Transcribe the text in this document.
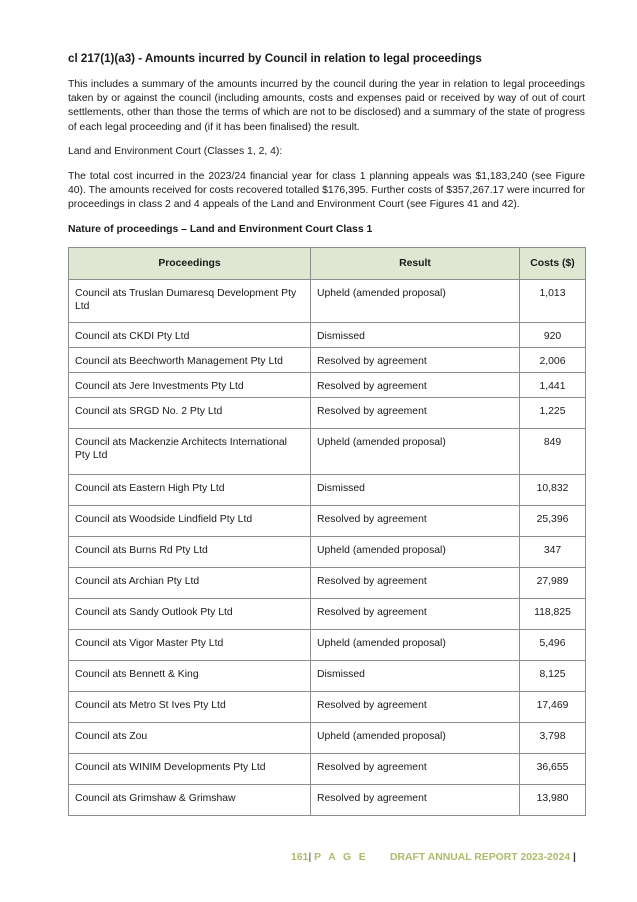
cl 217(1)(a3) - Amounts incurred by Council in relation to legal proceedings

This includes a summary of the amounts incurred by the council during the year in relation to legal proceedings taken by or against the council (including amounts, costs and expenses paid or received by way of out of court settlements, other than those the terms of which are not to be disclosed) and a summary of the state of progress of each legal proceeding and (if it has been finalised) the result.

Land and Environment Court (Classes 1, 2, 4):

The total cost incurred in the 2023/24 financial year for class 1 planning appeals was $1,183,240 (see Figure 40). The amounts received for costs recovered totalled $176,395. Further costs of $357,267.17 were incurred for proceedings in class 2 and 4 appeals of the Land and Environment Court (see Figures 41 and 42).

Nature of proceedings – Land and Environment Court Class 1

Proceedings	Result	Costs ($)
Council ats Truslan Dumaresq Development Pty Ltd	Upheld (amended proposal)	1,013
Council ats CKDI Pty Ltd	Dismissed	920
Council ats Beechworth Management Pty Ltd	Resolved by agreement	2,006
Council ats Jere Investments Pty Ltd	Resolved by agreement	1,441
Council ats SRGD No. 2 Pty Ltd	Resolved by agreement	1,225
Council ats Mackenzie Architects International Pty Ltd	Upheld (amended proposal)	849
Council ats Eastern High Pty Ltd	Dismissed	10,832
Council ats Woodside Lindfield Pty Ltd	Resolved by agreement	25,396
Council ats Burns Rd Pty Ltd	Upheld (amended proposal)	347
Council ats Archian Pty Ltd	Resolved by agreement	27,989
Council ats Sandy Outlook Pty Ltd	Resolved by agreement	118,825
Council ats Vigor Master Pty Ltd	Upheld (amended proposal)	5,496
Council ats Bennett & King	Dismissed	8,125
Council ats Metro St Ives Pty Ltd	Resolved by agreement	17,469
Council ats Zou	Upheld (amended proposal)	3,798
Council ats WINIM Developments Pty Ltd	Resolved by agreement	36,655
Council ats Grimshaw & Grimshaw	Resolved by agreement	13,980
161| P A G E DRAFT ANNUAL REPORT 2023-2024 |
